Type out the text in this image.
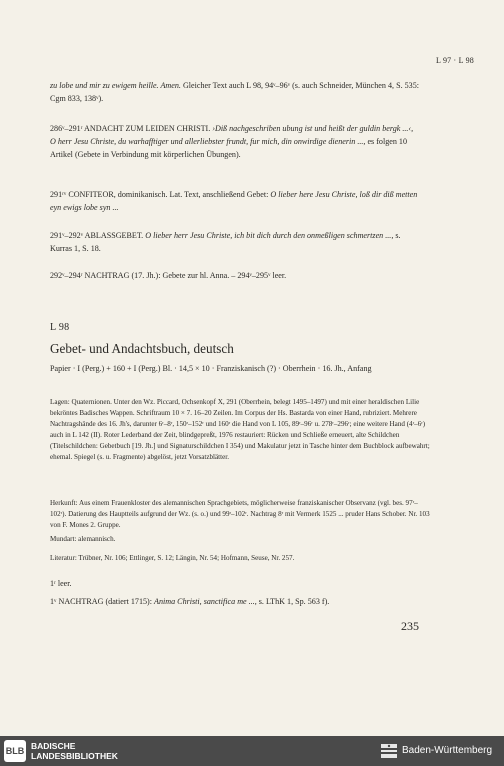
L 97 · L 98

zu lobe und mir zu ewigem heille. Amen. Gleicher Text auch L 98, 94ᵛ–96ᵛ (s. auch Schneider, München 4, S. 535: Cgm 833, 138ᵛ).

286ᵛ–291ʳ ANDACHT ZUM LEIDEN CHRISTI. ›Diß nachgeschriben ubung ist und heißt der guldin bergk ...‹, O herr Jesu Christe, du warhafftiger und allerliebster frundt, fur mich, din onwirdige dienerin ..., es folgen 10 Artikel (Gebete in Verbindung mit körperlichen Übungen).

291ʳᵛ CONFITEOR, dominikanisch. Lat. Text, anschließend Gebet: O lieber here Jesu Christe, loß dir diß metten eyn ewigs lobe syn ...

291ᵛ–292ᵛ ABLASSGEBET. O lieber herr Jesu Christe, ich bit dich durch den onmeßligen schmertzen ..., s. Kurras 1, S. 18.

292ᵛ–294ʳ NACHTRAG (17. Jh.): Gebete zur hl. Anna. – 294ᵛ–295ᵛ leer.

L 98
Gebet- und Andachtsbuch, deutsch
Papier · I (Perg.) + 160 + I (Perg.) Bl. · 14,5 × 10 · Franziskanisch (?) · Oberrhein · 16. Jh., Anfang
Lagen: Quaternionen. Unter den Wz. Piccard, Ochsenkopf X, 291 (Oberrhein, belegt 1495–1497) und mit einer heraldischen Lilie bekröntes Badisches Wappen. Schriftraum 10 × 7. 16–20 Zeilen. Im Corpus der Hs. Bastarda von einer Hand, rubriziert. Mehrere Nachtragshände des 16. Jh's, darunter 6ʳ–8ʳ, 150ʳ–152ʳ und 160ʳ die Hand von L 105, 89ʳ–96ʳ u. 278ʳ–296ʳ; eine weitere Hand (4ʳ–6ʳ) auch in L 142 (II). Roter Lederband der Zeit, blindgepreßt, 1976 restauriert: Rücken und Schließe erneuert, alte Schildchen (Titelschildchen: Gebetbuch [19. Jh.] und Signaturschildchen I 354) und Makulatur jetzt in Tasche hinter dem Buchblock aufbewahrt; ehemal. Spiegel (s. u. Fragmente) abgelöst, jetzt Vorsatzblätter.
Herkunft: Aus einem Frauenkloster des alemannischen Sprachgebiets, möglicherweise franziskanischer Observanz (vgl. bes. 97ʳ–102ʳ). Datierung des Hauptteils aufgrund der Wz. (s. o.) und 99ʳ–102ʳ. Nachtrag 8ʳ mit Vermerk 1525 ... pruder Hans Schober. Nr. 103 von F. Mones 2. Gruppe.
Mundart: alemannisch.
Literatur: Trübner, Nr. 106; Ettlinger, S. 12; Längin, Nr. 54; Hofmann, Seuse, Nr. 257.
1ʳ leer.
1ᵛ NACHTRAG (datiert 1715): Anima Christi, sanctifica me ..., s. LThK 1, Sp. 563 f).
235
BLB BADISCHE
LANDESBIBLIOTHEK	Baden-Württemberg
